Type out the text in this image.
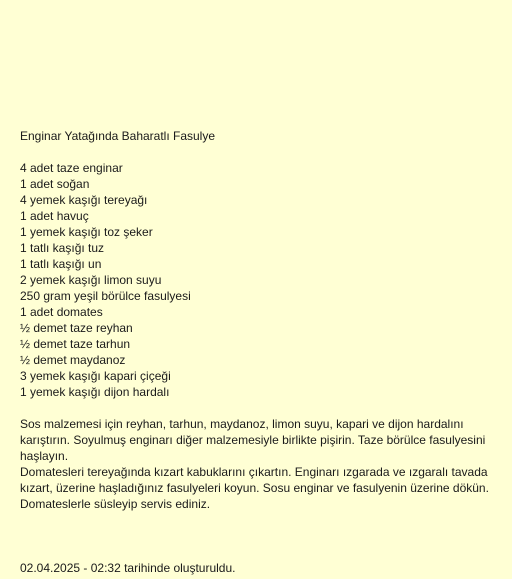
Enginar Yatağında Baharatlı Fasulye
4 adet taze enginar
1 adet soğan
4 yemek kaşığı tereyağı
1 adet havuç
1 yemek kaşığı toz şeker
1 tatlı kaşığı tuz
1 tatlı kaşığı un
2 yemek kaşığı limon suyu
250 gram yeşil börülce fasulyesi
1 adet domates
½ demet taze reyhan
½ demet taze tarhun
½ demet maydanoz
3 yemek kaşığı kapari çiçeği
1 yemek kaşığı dijon hardalı

Sos malzemesi için reyhan, tarhun, maydanoz, limon suyu, kapari ve dijon hardalını karıştırın. Soyulmuş enginarı diğer malzemesiyle birlikte pişirin. Taze börülce fasulyesini haşlayın.

Domatesleri tereyağında kızart kabuklarını çıkartın. Enginarı ızgarada ve ızgaralı tavada kızart, üzerine haşladığınız fasulyeleri koyun. Sosu enginar ve fasulyenin üzerine dökün. Domateslerle süsleyip servis ediniz.

02.04.2025 - 02:32 tarihinde oluşturuldu.
